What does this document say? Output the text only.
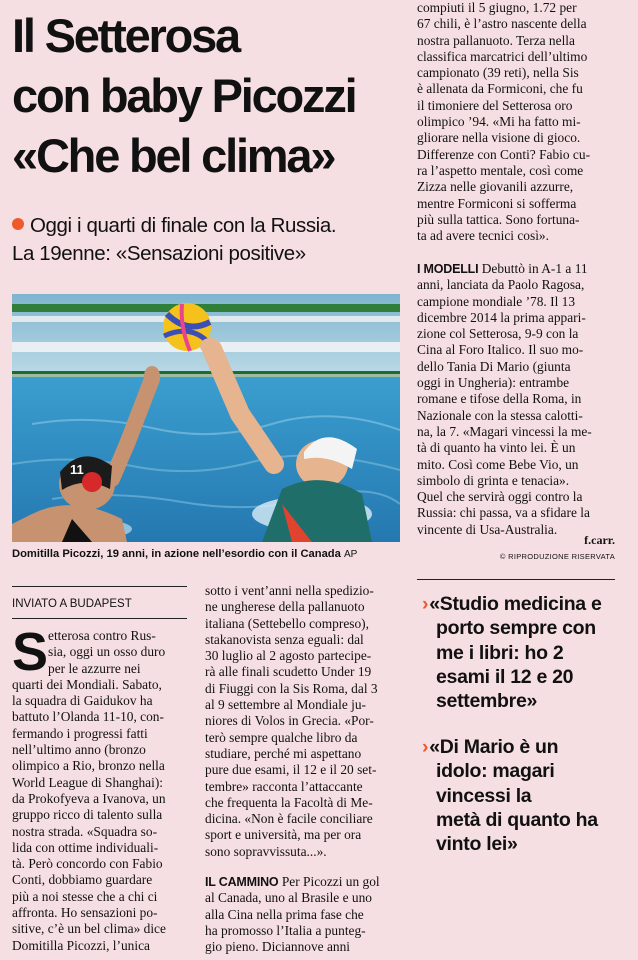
Il Setterosa
con baby Picozzi
«Che bel clima»
Oggi i quarti di finale con la Russia.
La 19enne: «Sensazioni positive»
11
Domitilla Picozzi, 19 anni, in azione nell’esordio con il Canada AP
compiuti il 5 giugno, 1.72 per
67 chili, è l’astro nascente della
nostra pallanuoto. Terza nella
classifica marcatrici dell’ultimo
campionato (39 reti), nella Sis
è allenata da Formiconi, che fu
il timoniere del Setterosa oro
olimpico ’94. «Mi ha fatto mi-
gliorare nella visione di gioco.
Differenze con Conti? Fabio cu-
ra l’aspetto mentale, così come
Zizza nelle giovanili azzurre,
mentre Formiconi si sofferma
più sulla tattica. Sono fortuna-
ta ad avere tecnici così».
I MODELLI Debuttò in A-1 a 11
anni, lanciata da Paolo Ragosa,
campione mondiale ’78. Il 13
dicembre 2014 la prima appari-
zione col Setterosa, 9-9 con la
Cina al Foro Italico. Il suo mo-
dello Tania Di Mario (giunta
oggi in Ungheria): entrambe
romane e tifose della Roma, in
Nazionale con la stessa calotti-
na, la 7. «Magari vincessi la me-
tà di quanto ha vinto lei. È un
mito. Così come Bebe Vio, un
simbolo di grinta e tenacia».
Quel che servirà oggi contro la
Russia: chi passa, va a sfidare la
vincente di Usa-Australia.
f.carr.
© RIPRODUZIONE RISERVATA
INVIATO A BUDAPEST
S etterosa contro Rus-
sia, oggi un osso duro
per le azzurre nei
quarti dei Mondiali. Sabato,
la squadra di Gaidukov ha
battuto l’Olanda 11-10, con-
fermando i progressi fatti
nell’ultimo anno (bronzo
olimpico a Rio, bronzo nella
World League di Shanghai):
da Prokofyeva a Ivanova, un
gruppo ricco di talento sulla
nostra strada. «Squadra so-
lida con ottime individuali-
tà. Però concordo con Fabio
Conti, dobbiamo guardare
più a noi stesse che a chi ci
affronta. Ho sensazioni po-
sitive, c’è un bel clima» dice
Domitilla Picozzi, l’unica
sotto i vent’anni nella spedizio-
ne ungherese della pallanuoto
italiana (Settebello compreso),
stakanovista senza eguali: dal
30 luglio al 2 agosto partecipe-
rà alle finali scudetto Under 19
di Fiuggi con la Sis Roma, dal 3
al 9 settembre al Mondiale ju-
niores di Volos in Grecia. «Por-
terò sempre qualche libro da
studiare, perché mi aspettano
pure due esami, il 12 e il 20 set-
tembre» racconta l’attaccante
che frequenta la Facoltà di Me-
dicina. «Non è facile conciliare
sport e università, ma per ora
sono sopravvissuta...».
IL CAMMINO Per Picozzi un gol
al Canada, uno al Brasile e uno
alla Cina nella prima fase che
ha promosso l’Italia a punteg-
gio pieno. Diciannove anni
›«Studio medicina e
porto sempre con
me i libri: ho 2
esami il 12 e 20
settembre»
›«Di Mario è un
idolo: magari
vincessi la
metà di quanto ha
vinto lei»
